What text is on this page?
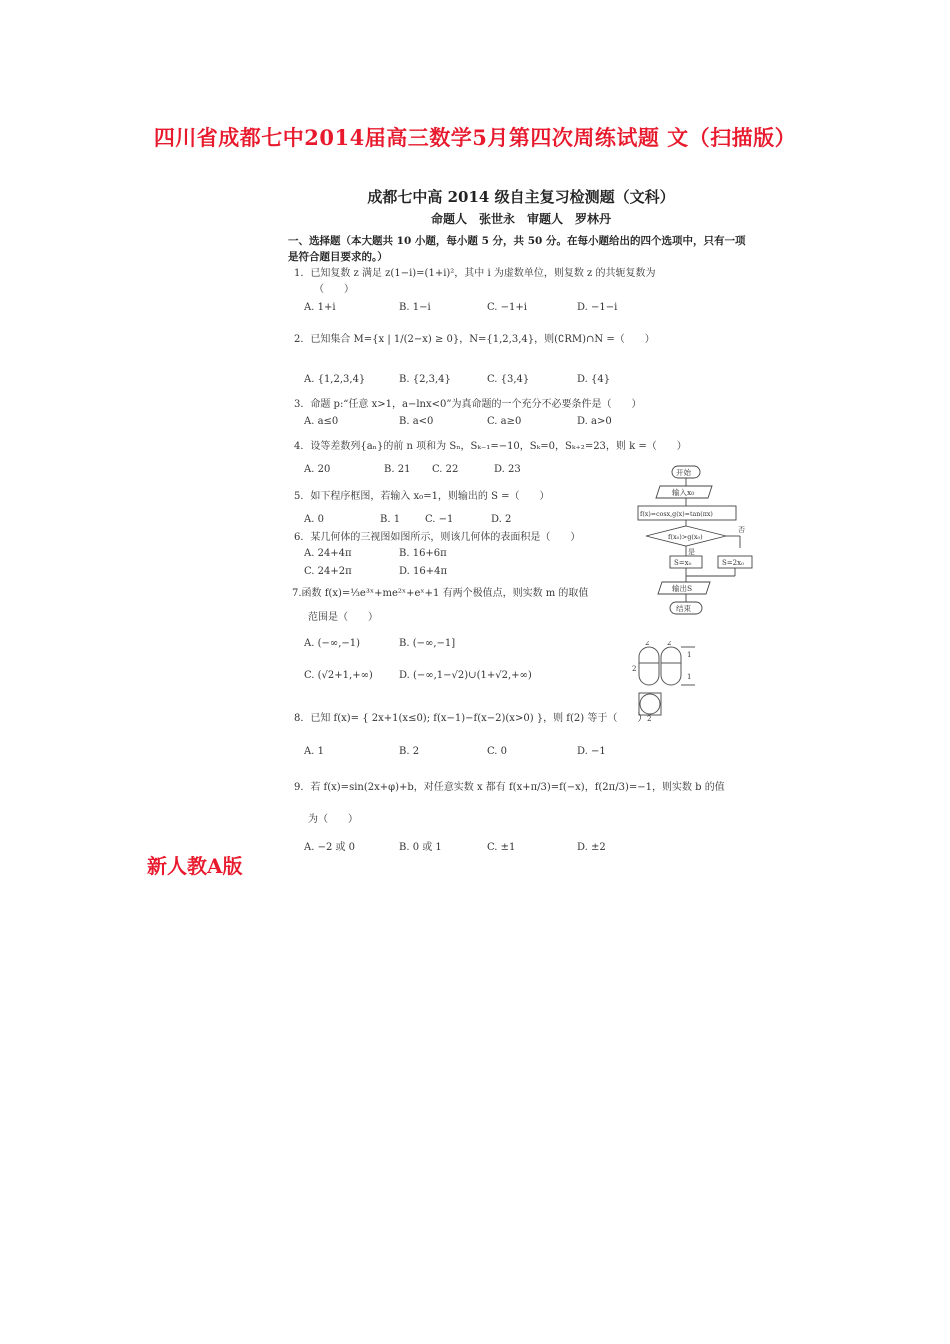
四川省成都七中2014届高三数学5月第四次周练试题 文（扫描版）
成都七中高 2014 级自主复习检测题（文科）
命题人　张世永　审题人　罗林丹
一、选择题（本大题共 10 小题，每小题 5 分，共 50 分。在每小题给出的四个选项中，只有一项是符合题目要求的。）
1．已知复数 z 满足 z(1−i)=(1+i)²，其中 i 为虚数单位，则复数 z 的共轭复数为
（　　）
A. 1+i	B. 1−i	C. −1+i	D. −1−i
2．已知集合 M={x | 1/(2−x) ≥ 0}，N={1,2,3,4}，则(∁RM)∩N =（　　）
A. {1,2,3,4}	B. {2,3,4}	C. {3,4}	D. {4}
3．命题 p:“任意 x>1，a−lnx<0”为真命题的一个充分不必要条件是（　　）
A. a≤0	B. a<0	C. a≥0	D. a>0
4．设等差数列{aₙ}的前 n 项和为 Sₙ，Sₖ₋₁=−10，Sₖ=0，Sₖ₊₂=23，则 k =（　　）
A. 20	B. 21 C. 22	D. 23
5．如下程序框图，若输入 x₀=1，则输出的 S =（　　）
A. 0	B. 1 C. −1	D. 2
6．某几何体的三视图如图所示，则该几何体的表面积是（　　）
A. 24+4π	B. 16+6π
C. 24+2π	D. 16+4π
7.函数 f(x)=⅓e³ˣ+me²ˣ+eˣ+1 有两个极值点，则实数 m 的取值
范围是（　　）
A. (−∞,−1)	B. (−∞,−1]
C. (√2+1,+∞)	D. (−∞,1−√2)∪(1+√2,+∞)
8．已知 f(x)= { 2x+1(x≤0); f(x−1)−f(x−2)(x>0) }，则 f(2) 等于（　　）
A. 1	B. 2	C. 0	D. −1
9．若 f(x)=sin(2x+φ)+b，对任意实数 x 都有 f(x+π/3)=f(−x)，f(2π/3)=−1，则实数 b 的值
为（　　）
A. −2 或 0	B. 0 或 1	C. ±1	D. ±2
开始
输入x₀
f(x)=cosx,g(x)=tan(πx)
f(x₀)>g(x₀)
否
是
S=x₀	S=2x₀
输出S
结束
2	2
1
2
1
2
新人教A版
